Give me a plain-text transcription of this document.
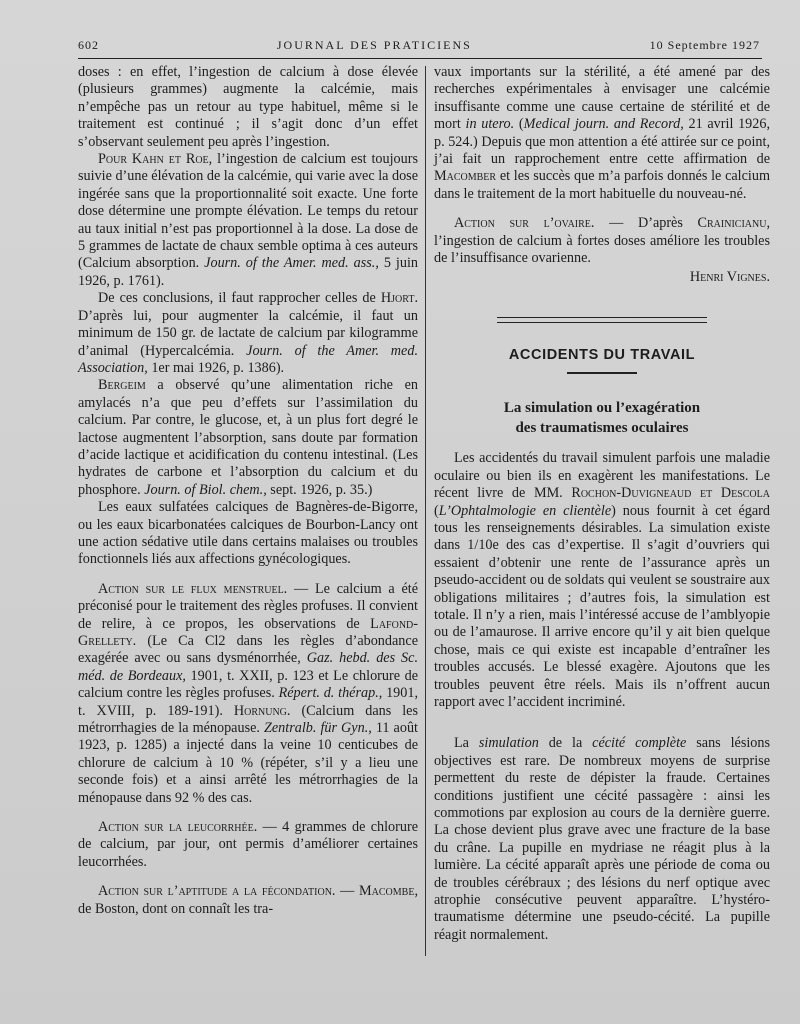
602	JOURNAL DES PRATICIENS	10 Septembre 1927

doses : en effet, l’ingestion de calcium à dose élevée (plusieurs grammes) augmente la calcémie, mais n’empêche pas un retour au type habituel, même si le traitement est continué ; il s’agit donc d’un effet s’observant seulement peu après l’ingestion.

Pour Kahn et Roe, l’ingestion de calcium est toujours suivie d’une élévation de la calcémie, qui varie avec la dose ingérée sans que la proportionnalité soit exacte. Une forte dose détermine une prompte élévation. Le temps du retour au taux initial n’est pas proportionnel à la dose. La dose de 5 grammes de lactate de chaux semble optima à ces auteurs (Calcium absorption. Journ. of the Amer. med. ass., 5 juin 1926, p. 1761).

De ces conclusions, il faut rapprocher celles de Hjort. D’après lui, pour augmenter la calcémie, il faut un minimum de 150 gr. de lactate de calcium par kilogramme d’animal (Hypercalcémia. Journ. of the Amer. med. Association, 1er mai 1926, p. 1386).

Bergeim a observé qu’une alimentation riche en amylacés n’a que peu d’effets sur l’assimilation du calcium. Par contre, le glucose, et, à un plus fort degré le lactose augmentent l’absorption, sans doute par formation d’acide lactique et acidification du contenu intestinal. (Les hydrates de carbone et l’absorption du calcium et du phosphore. Journ. of Biol. chem., sept. 1926, p. 35.)

Les eaux sulfatées calciques de Bagnères-de-Bigorre, ou les eaux bicarbonatées calciques de Bourbon-Lancy ont une action sédative utile dans certains malaises ou troubles fonctionnels liés aux affections gynécologiques.

Action sur le flux menstruel. — Le calcium a été préconisé pour le traitement des règles profuses. Il convient de relire, à ce propos, les observations de Lafond-Grellety. (Le Ca Cl2 dans les règles d’abondance exagérée avec ou sans dysménorrhée, Gaz. hebd. des Sc. méd. de Bordeaux, 1901, t. XXII, p. 123 et Le chlorure de calcium contre les règles profuses. Répert. d. thérap., 1901, t. XVIII, p. 189-191). Hornung. (Calcium dans les métrorrhagies de la ménopause. Zentralb. für Gyn., 11 août 1923, p. 1285) a injecté dans la veine 10 centicubes de chlorure de calcium à 10 % (répéter, s’il y a lieu une seconde fois) et a ainsi arrêté les métrorrhagies de la ménopause dans 92 % des cas.

Action sur la leucorrhée. — 4 grammes de chlorure de calcium, par jour, ont permis d’améliorer certaines leucorrhées.

Action sur l’aptitude a la fécondation. — Macombe, de Boston, dont on connaît les tra-

vaux importants sur la stérilité, a été amené par des recherches expérimentales à envisager une calcémie insuffisante comme une cause certaine de stérilité et de mort in utero. (Medical journ. and Record, 21 avril 1926, p. 524.) Depuis que mon attention a été attirée sur ce point, j’ai fait un rapprochement entre cette affirmation de Macomber et les succès que m’a parfois donnés le calcium dans le traitement de la mort habituelle du nouveau-né.

Action sur l’ovaire. — D’après Crainicianu, l’ingestion de calcium à fortes doses améliore les troubles de l’insuffisance ovarienne.

Henri Vignes.

ACCIDENTS DU TRAVAIL
La simulation ou l’exagération
des traumatismes oculaires

Les accidentés du travail simulent parfois une maladie oculaire ou bien ils en exagèrent les manifestations. Le récent livre de MM. Rochon-Duvigneaud et Descola (L’Ophtalmologie en clientèle) nous fournit à cet égard tous les renseignements désirables. La simulation existe dans 1/10e des cas d’expertise. Il s’agit d’ouvriers qui essaient d’obtenir une rente de l’assurance après un pseudo-accident ou de soldats qui veulent se soustraire aux obligations militaires ; d’autres fois, la simulation est totale. Il n’y a rien, mais l’intéressé accuse de l’amblyopie ou de l’amaurose. Il arrive encore qu’il y ait bien quelque chose, mais ce qui existe est incapable d’entraîner les troubles accusés. Le blessé exagère. Ajoutons que les troubles peuvent être réels. Mais ils n’offrent aucun rapport avec l’accident incriminé.

La simulation de la cécité complète sans lésions objectives est rare. De nombreux moyens de surprise permettent du reste de dépister la fraude. Certaines conditions justifient une cécité passagère : ainsi les commotions par explosion au cours de la dernière guerre. La chose devient plus grave avec une fracture de la base du crâne. La pupille en mydriase ne réagit plus à la lumière. La cécité apparaît après une période de coma ou de troubles cérébraux ; des lésions du nerf optique avec atrophie consécutive peuvent apparaître. L’hystéro-traumatisme détermine une pseudo-cécité. La pupille réagit normalement.
